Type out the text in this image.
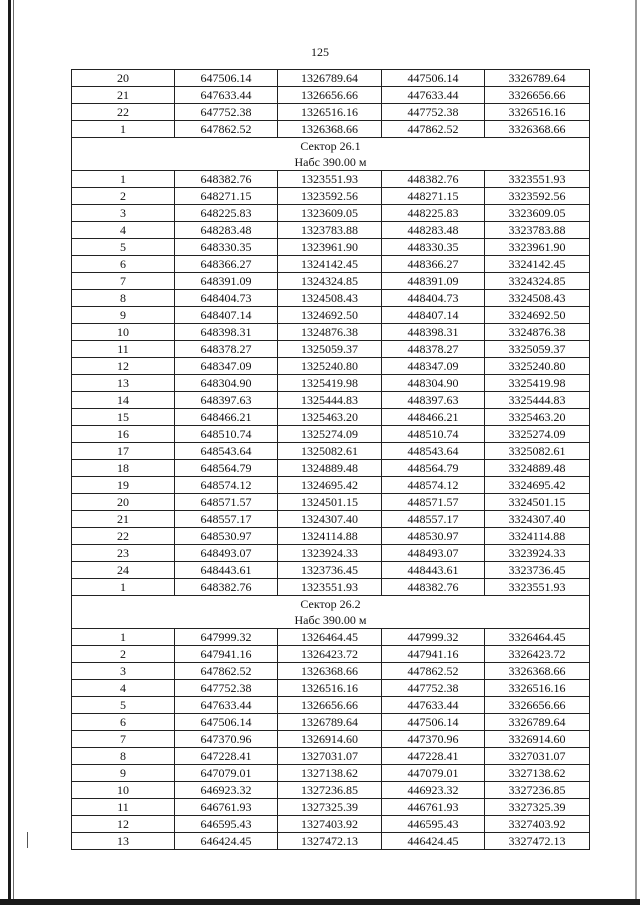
125
20	647506.14	1326789.64	447506.14	3326789.64
21	647633.44	1326656.66	447633.44	3326656.66
22	647752.38	1326516.16	447752.38	3326516.16
1	647862.52	1326368.66	447862.52	3326368.66

Сектор 26.1
Набс 390.00 м				

1	648382.76	1323551.93	448382.76	3323551.93
2	648271.15	1323592.56	448271.15	3323592.56
3	648225.83	1323609.05	448225.83	3323609.05
4	648283.48	1323783.88	448283.48	3323783.88
5	648330.35	1323961.90	448330.35	3323961.90
6	648366.27	1324142.45	448366.27	3324142.45
7	648391.09	1324324.85	448391.09	3324324.85
8	648404.73	1324508.43	448404.73	3324508.43
9	648407.14	1324692.50	448407.14	3324692.50
10	648398.31	1324876.38	448398.31	3324876.38
11	648378.27	1325059.37	448378.27	3325059.37
12	648347.09	1325240.80	448347.09	3325240.80
13	648304.90	1325419.98	448304.90	3325419.98
14	648397.63	1325444.83	448397.63	3325444.83
15	648466.21	1325463.20	448466.21	3325463.20
16	648510.74	1325274.09	448510.74	3325274.09
17	648543.64	1325082.61	448543.64	3325082.61
18	648564.79	1324889.48	448564.79	3324889.48
19	648574.12	1324695.42	448574.12	3324695.42
20	648571.57	1324501.15	448571.57	3324501.15
21	648557.17	1324307.40	448557.17	3324307.40
22	648530.97	1324114.88	448530.97	3324114.88
23	648493.07	1323924.33	448493.07	3323924.33
24	648443.61	1323736.45	448443.61	3323736.45
1	648382.76	1323551.93	448382.76	3323551.93

Сектор 26.2
Набс 390.00 м				

1	647999.32	1326464.45	447999.32	3326464.45
2	647941.16	1326423.72	447941.16	3326423.72
3	647862.52	1326368.66	447862.52	3326368.66
4	647752.38	1326516.16	447752.38	3326516.16
5	647633.44	1326656.66	447633.44	3326656.66
6	647506.14	1326789.64	447506.14	3326789.64
7	647370.96	1326914.60	447370.96	3326914.60
8	647228.41	1327031.07	447228.41	3327031.07
9	647079.01	1327138.62	447079.01	3327138.62
10	646923.32	1327236.85	446923.32	3327236.85
11	646761.93	1327325.39	446761.93	3327325.39
12	646595.43	1327403.92	446595.43	3327403.92
13	646424.45	1327472.13	446424.45	3327472.13
